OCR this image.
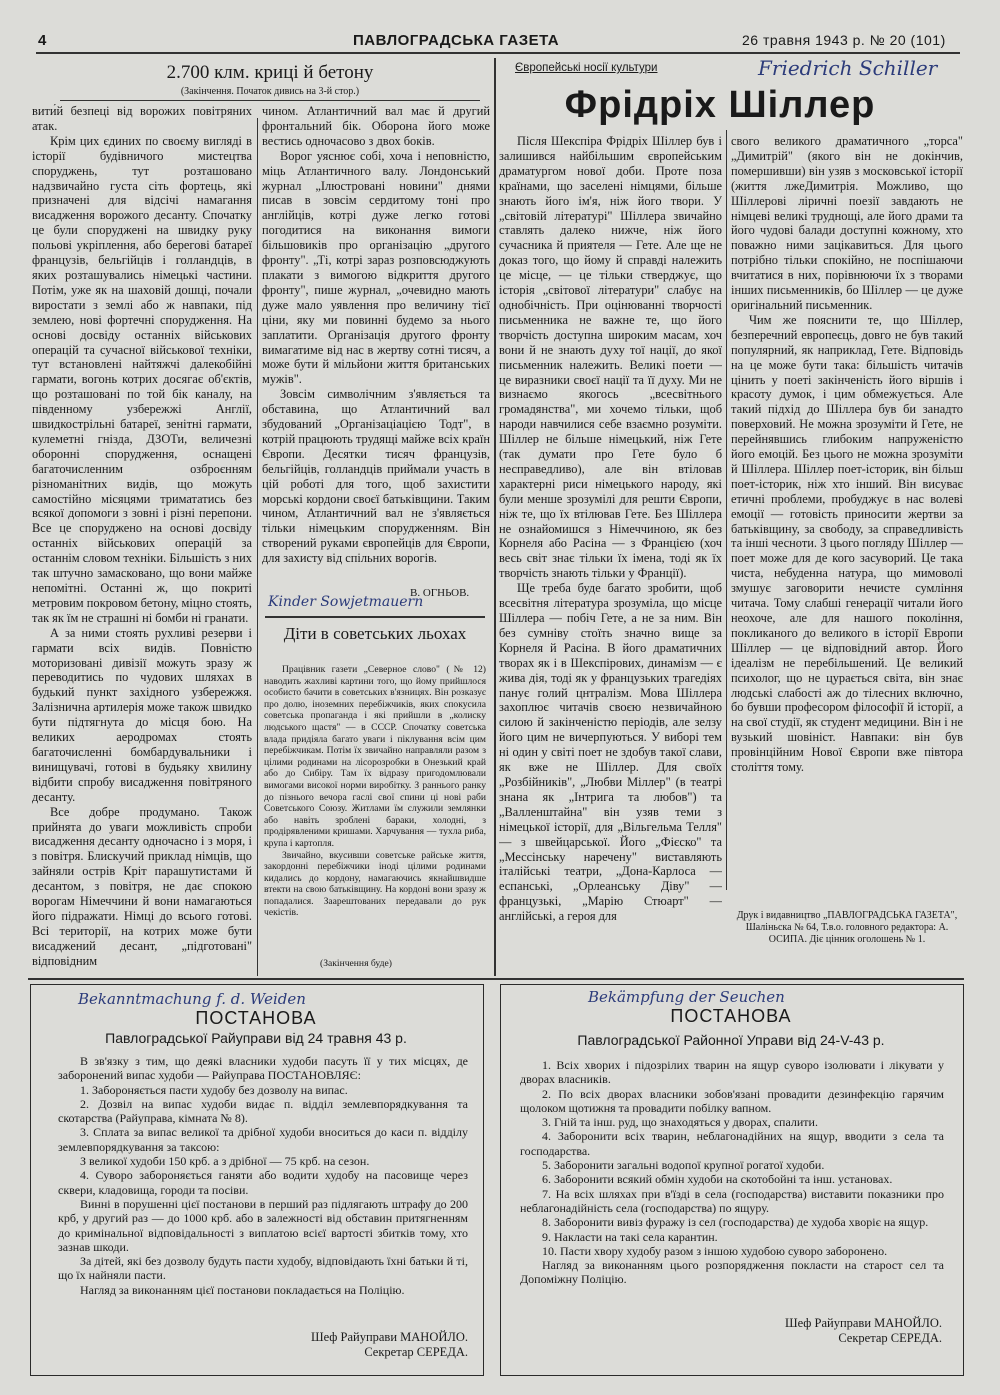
4	ПАВЛОГРАДСЬКА ГАЗЕТА	26 травня 1943 р. № 20 (101)
2.700 клм. криці й бетону
(Закінчення. Початок дивись на 3-й стор.)

вити́й безпеці від ворожих повітряних атак.

Крім цих єдиних по своєму вигляді в історії будівничого мистецтва споруджень, тут розташовано надзвичайно густа сіть фортець, які призначені для відсічі намагання висадження ворожого десанту. Спочатку це були споруджені на швидку руку польові укріплення, або берегові батареї французів, бельгійців і голландців, в яких розташувались німецькі частини. Потім, уже як на шаховій дошці, почали виростати з землі або ж навпаки, під землею, нові фортечні спорудження. На основі досвіду останніх військових операцій та сучасної військової техніки, тут встановлені найтяжчі далекобійні гармати, вогонь котрих досягає об'єктів, що розташовані по той бік каналу, на південному узбережжі Англії, швидкострільні батареї, зенітні гармати, кулеметні гнізда, ДЗОТи, величезні оборонні спорудження, оснащені багаточисленним озброєнням різноманітних видів, що можуть самостійно місяцями тримататись без всякої допомоги з зовні і різні перепони. Все це споруджено на основі досвіду останніх військових операцій за останнім словом техніки. Більшість з них так штучно замасковано, що вони майже непомітні. Останні ж, що покриті метровим покровом бетону, міцно стоять, так як їм не страшні ні бомби ні гранати.

А за ними стоять рухливі резерви і гармати всіх видів. Повністю моторизовані дивізії можуть зразу ж переводитись по чудових шляхах в будький пункт західного узбережжя. Залізнична артилерія може також швидко бути підтягнута до місця бою. На великих аеродромах стоять багаточисленні бомбардувальники і винищувачі, готові в будьяку хвилину відбити спробу висадження повітряного десанту.

Все добре продумано. Також прийнята до уваги можливість спроби висадження десанту одночасно і з моря, і з повітря. Блискучий приклад німців, що зайняли острів Кріт парашутистами й десантом, з повітря, не дає спокою ворогам Німеччини й вони намагаються його підражати. Німці до всього готові. Всі території, на котрих може бути висаджений десант, „підготовані" відповідним

чином. Атлантичний вал має й другий фронтальний бік. Оборона його може вестись одночасово з двох боків.

Ворог уяснює собі, хоча і неповністю, міць Атлантичного валу. Лондонський журнал „Ілюстровані новини" днями писав в зовсім сердитому тоні про англійців, котрі дуже легко готові погодитися на виконання вимоги більшовиків про організацію „другого фронту". „Ті, котрі зараз розповсюджують плакати з вимогою відкриття другого фронту", пише журнал, „очевидно мають дуже мало уявлення про величину тієї ціни, яку ми повинні будемо за нього заплатити. Організація другого фронту вимагатиме від нас в жертву сотні тисяч, а може бути й мільйони життя британських мужів".

Зовсім символічним з'являється та обставина, що Атлантичний вал збудований „Організаціацією Тодт", в котрій працюють трудящі майже всіх країн Європи. Десятки тисяч французів, бельгійців, голландців приймали участь в цій роботі для того, щоб захистити морські кордони своєї батьківщини. Таким чином, Атлантичний вал не з'являється тільки німецьким спорудженням. Він створений руками європейців для Європи, для захисту від спільних ворогів.

В. ОГНЬОВ.
Kinder Sowjetmauern
Діти в советських льохах

Працівник газети „Северное слово" (№ 12) наводить жахливі картини того, що йому прийшлося особисто бачити в советських в'язницях. Він розказує про долю, іноземних перебіжчиків, яких спокусила советська пропаганда і які прийшли в „колиску людського щастя" — в СССР. Спочатку советська влада придіяла багато уваги і піклування всім цим перебіжчикам. Потім їх звичайно направляли разом з цілими родинами на лісорозробки в Онезький край або до Сибіру. Там їх відразу пригодомлювали вимогами високої норми виробітку. З раннього ранку до пізнього вечора гаслі свої спини ці нові раби Советського Союзу. Житлами їм служили землянки або навіть зроблені бараки, холодні, з продірявленими кришами. Харчування — тухла риба, крупа і картопля.

Звичайно, вкусивши советське райське життя, закордонні перебіжчики іноді цілими родинами кидались до кордону, намагаючись якнайшвидше втекти на свою батьківщину. На кордоні вони зразу ж попадалися. Заарештованих передавали до рук чекістів.

(Закінчення буде)
Європейські носії культури	Friedrich Schiller
Фрідріх Шіллер

Після Шекспіра Фрідріх Шіллер був і залишився найбільшим європейським драматургом нової доби. Проте поза країнами, що заселені німцями, більше знають його ім'я, ніж його твори. У „світовій літературі" Шіллера звичайно ставлять далеко нижче, ніж його сучасника й приятеля — Гете. Але ще не доказ того, що йому й справді належить це місце, — це тільки стверджує, що історія „світової літератури" слабує на однобічність. При оцінюванні творчості письменника не важне те, що його творчість доступна широким масам, хоч вони й не знають духу тої нації, до якої письменник належить. Великі поети — це виразники своєї нації та її духу. Ми не визнаємо якогось „всесвітнього громадянства", ми хочемо тільки, щоб народи навчилися себе взаємно розуміти. Шіллер не більше німецький, ніж Гете (так думати про Гете було б несправедливо), але він втіловав характерні риси німецького народу, які були менше зрозумілі для решти Європи, ніж те, що їх втілював Гете. Без Шіллера не ознайомишся з Німеччиною, як без Корнеля або Расіна — з Францією (хоч весь світ знає тільки їх імена, тоді як їх творчість знають тільки у Франції).

Ще треба буде багато зробити, щоб всесвітня література зрозуміла, що місце Шіллера — побіч Гете, а не за ним. Він без сумніву стоїть значно вище за Корнеля й Расіна. В його драматичних творах як і в Шекспірових, динамізм — є жива дія, тоді як у французьких трагедіях панує голий цнтралізм. Мова Шіллера захоплює читачів своєю незвичайною силою й закінченістю періодів, але зелзу його цим не вичерпуються. У виборі тем ні один у світі поет не здобув такої слави, як вже не Шіллер. Для своїх „Розбійників", „Любви Міллер" (в театрі знана як „Інтрига та любов") та „Валленштайна" він узяв теми з німецької історії, для „Вільгельма Телля" — з швейцарської. Його „Фієско" та „Мессінську наречену" виставляють італійські театри, „Дона-Карлоса — еспанські, „Орлеанську Діву" — французькі, „Марію Стюарт" — англійські, а героя для

свого великого драматичного „торса" „Димитрій" (якого він не докінчив, помершивши) він узяв з московської історії (життя лжеДимитрія. Можливо, що Шіллерові ліричні поезії завдають не німцеві великі труднощі, але його драми та його чудові балади доступні кожному, хто поважно ними зацікавиться. Для цього потрібно тільки спокійно, не поспішаючи вчитатися в них, порівнюючи їх з творами інших письменників, бо Шіллер — це дуже оригінальний письменник.

Чим же пояснити те, що Шіллер, безперечний европеєць, довго не був такий популярний, як наприклад, Гете. Відповідь на це може бути така: більшість читачів цінить у поеті закінченість його віршів і красоту думок, і цим обмежується. Але такий підхід до Шіллера був би занадто поверховий. Не можна зрозуміти й Гете, не перейнявшись глибоким напруженістю його емоцій. Без цього не можна зрозуміти й Шіллера. Шіллер поет-історик, він більш поет-історик, ніж хто інший. Він висуває етичні проблеми, пробуджує в нас волеві емоції — готовість приносити жертви за батьківщину, за свободу, за справедливість та інші чесноти. З цього погляду Шіллер — поет може для де кого засуворий. Це така чиста, небуденна натура, що мимоволі змушує заговорити нечисте сумління читача. Тому слабші генерації читали його неохоче, але для нашого покоління, покликаного до великого в історії Европи Шіллер — це відповідний автор. Його ідеалізм не перебільшений. Це великий психолог, що не цурається світа, він знає людські слабості аж до тілесних включно, бо бувши професором філософії й історії, а на свої студії, як студент медицини. Він і не вузький шовініст. Навпаки: він був провінційним Нової Європи вже півтора століття тому.

Друк і видавництво „ПАВЛОГРАДСЬКА ГАЗЕТА", Шаліньска № 64, Т.в.о. головного редактора: А. ОСИПА. Діє цінник оголошень № 1.
Bekanntmachung f. d. Weiden
ПОСТАНОВА
Павлоградської Райуправи від 24 травня 43 р.

В зв'язку з тим, що деякі власники худоби пасуть її у тих місцях, де заборонений випас худоби — Райуправа ПОСТАНОВЛЯЄ:

1. Забороняється пасти худобу без дозволу на випас.

2. Дозвіл на випас худоби видає п. відділ землевпорядкування та скотарства (Райуправа, кімната № 8).

3. Сплата за випас великої та дрібної худоби вноситься до каси п. відділу землевпорядкування за таксою:

З великої худоби 150 крб. а з дрібної — 75 крб. на сезон.

4. Суворо забороняється ганяти або водити худобу на пасовище через сквери, кладовища, городи та посіви.

Винні в порушенні цієї постанови в перший раз підлягають штрафу до 200 крб, у другий раз — до 1000 крб. або в залежності від обставин притягненням до кримінальної відповідальності з виплатою всієї вартості збитків тому, хто зазнав шкоди.

За дітей, які без дозволу будуть пасти худобу, відповідають їхні батьки й ті, що їх найняли пасти.

Нагляд за виконанням цієї постанови покладається на Поліцію.

Шеф Райуправи МАНОЙЛО.
Секретар СЕРЕДА.
Bekämpfung der Seuchen
ПОСТАНОВА
Павлоградської Районної Управи від 24-V-43 р.

1. Всіх хворих і підозрілих тварин на ящур суворо ізолювати і лікувати у дворах власників.

2. По всіх дворах власники зобов'язані провадити дезинфекцію гарячим щолоком щотижня та провадити побілку вапном.

3. Гній та інш. руд, що знаходяться у дворах, спалити.

4. Заборонити всіх тварин, неблагонадійних на ящур, вводити з села та господарства.

5. Заборонити загальні водопої крупної рогатої худоби.

6. Заборонити всякий обмін худоби на скотобойні та інш. установах.

7. На всіх шляхах при в'їзді в села (господарства) виставити показники про неблагонадійність села (господарства) по ящуру.

8. Заборонити вивіз фуражу із сел (господарства) де худоба хворіє на ящур.

9. Накласти на такі села карантин.

10. Пасти хвору худобу разом з іншою худобою суворо заборонено.

Нагляд за виконанням цього розпорядження покласти на старост сел та Допоміжну Поліцію.

Шеф Райуправи МАНОЙЛО.
Секретар СЕРЕДА.
